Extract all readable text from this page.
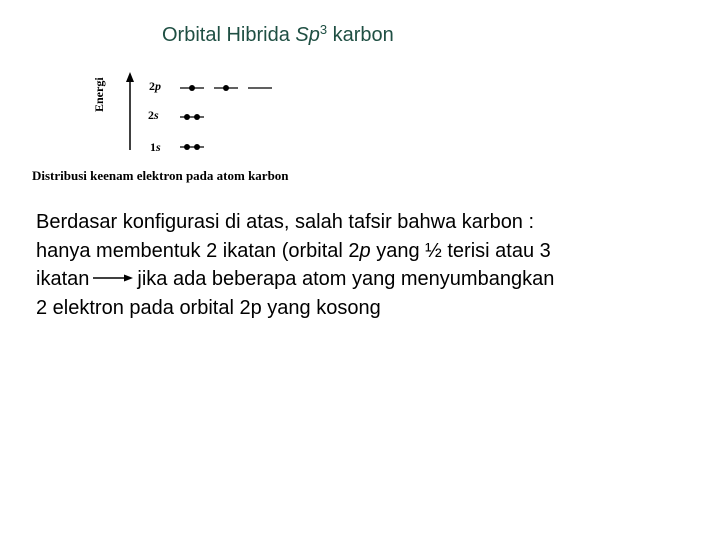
Orbital Hibrida Sp$^3$ karbon
Energi	2p
2s
1s
Distribusi keenam elektron pada atom karbon
Berdasar konfigurasi di atas, salah tafsir bahwa karbon :
hanya membentuk 2 ikatan (orbital 2p yang ½ terisi atau 3
ikatan jika ada beberapa atom yang menyumbangkan
2 elektron pada orbital 2p yang kosong
